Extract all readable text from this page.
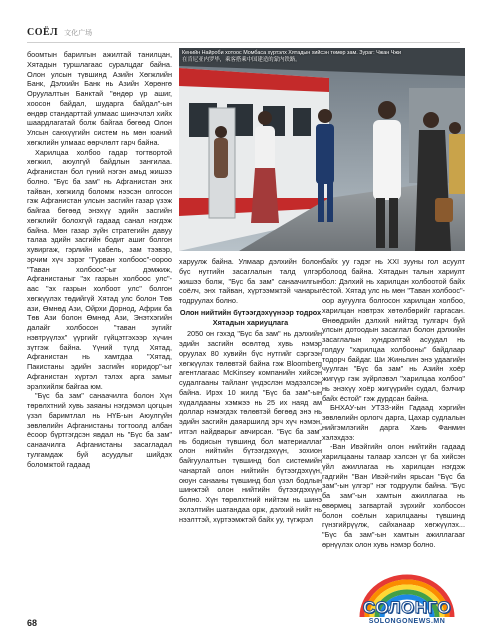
СОЁЛ 文化广场

боомтын барилгын ажилтай танилцан, Хятадын туршлагаас суралцдаг байна. Олон улсын түвшинд Азийн Хөгжлийн Банк, Дэлхийн Банк нь Азийн Хөрөнгө Оруулалтын Банктай "өндөр үр ашиг, хоосон байдал, шударга байдал"-ын өндөр стандарттай улмаас шинэчлэл хийх шаардлагатай болж байгаа бөгөөд Олон Улсын санхүүгийн систем нь мөн юаний хөгжлийн улмаас өөрчлөлт гарч байна.

Харилцаа холбоо гадар тогтвортой хөгжил, аюулгүй байдлын зангилаа. Афганистан бол гүний нэгэн амьд жишээ болно. "Бүс ба зам" нь Афганистан энх тайван, хөгжилд боломж нээсэн олгосон гэж Афганистан улсын засгийн газар үзэж байгаа бөгөөд энэхүү эдийн засгийн хөгжлийг болохгүй гадаад санал нэгдэж байна. Мөн газар зүйн стратегийн давуу талаа эдийн засгийн бодит ашиг болгон хувиргаж, гэрлийн кабель, зам тээвэр, эрчим хүч зэрэг "Гурван холбоос"-оороо "Таван холбоос"-ыг дэмжиж, Афганистаныг "эх газрын холбоос улс"-аас "эх газрын холбоот улс" болгон хөгжүүлэх төдийгүй Хятад улс болон Төв ази, Өмнөд Ази, Ойрхи Дорнод, Африк ба Төв Ази болон Өмнөд Ази, Энэтхэгийн далайг холбосон "таван зүгийг нэвтрүүлэх" үүргийг гүйцэтгэхээр хүчин зүтгэж байна. Үүний түлд Хятад, Афганистан нь хамтдаа "Хятад, Пакистаны эдийн засгийн коридор"-ыг Афганистан хүртэл тэлэх арга замыг эрэлхийлж байгаа юм.

"Бүс ба зам" санаачилга болон Хүн төрөлхтний хувь заяаны нэгдэмэл цогцын үзэл баримтлал нь НҮБ-ын Аюулгүйн зөвлөлийн Афганистаны тогтоолд албан ёсоор бүртгэгдсэн явдал нь "Бүс ба зам" санаачилга Афганистаны засагладал тулгамдаж буй асуудлыг шийдэх боломжтой гадаад

Кенийн Найроби хотоос Момбаса хүртэлх Хятадын хийсэн төмөр зам. Зураг: Чжан Чжи
在肯尼亚内罗毕，乘客搭乘中国建造的蒙内铁路。

харуулж байна. Улмаар дэлхийн болон бүс нутгийн засаглалын талд үлгэр жишээ болж, "Бүс ба зам" санаачилгын соёлч, энх тайван, хүртээмжтэй чанарыг тодруулах болно.

Олон нийтийн бүтээгдэхүүнээр тодрох Хятадын хариуцлага

2050 он гэхэд "Бүс ба зам" нь дэлхийн эдийн засгийн өсөлтөд хувь нэмэр оруулах 80 хувийн бүс нутгийг сэргээн хөгжүүлэх төлөвтэй байна гэж Bloomberg агентлагаас McKinsey компанийн хийсэн судалгааны тайланг үндэслэн мэдээлсэн байна. Ирэх 10 жилд "Бүс ба зам"-ын хүдалдааны хэмжээ нь 25 их наяд ам доллар нэмэгдэх төлөвтэй бөгөөд энэ нь эдийн засгийн даяаршилд эрч хүч нэмэн, итгэл найдварыг авчирсан. "Бүс ба зам" нь бодисын түвшинд бол материаллаг олон нийтийн бүтээгдэхүүн, зохион байгуулалтын түвшинд бол системийн чанартай олон нийтийн бүтээгдэхүүн, оюун санааны түвшинд бол үзэл бодлын шинжтэй олон нийтийн бүтээгдэхүүн болно. Хүн төрөлхтний нийтэм нь шинэ эхлэлтийн шатандаа орж, дэлхий нийт нь нээлттэй, хүртээмжтэй байх уу, түгжрэл

байх уу гэдэг нь XXI зууны гол асуулт болоод байна. Хятадын талын хариулт бол: Дэлхий нь харилцан холбоотой байх ёстой. Хятад улс нь мөн "Таван холбоос"-оор аугуулга болгосон харилцан холбоо, харилцан нэвтрэх хөтөлбөрийг гаргасан. Өнөөдрийн дэлхий нийтэд тулгарч буй улсын дотоодын засаглал болон дэлхийн засаглалын хундрэлтэй асуудал нь голдуу "харилцаа холбооны" байдлаар тодорч байдаг. Ши Жиньпин энэ удаагийн чуулган "Бүс ба зам" нь Азийн хоёр жигүүр гэж зүйрлэвэл "харилцаа холбоо" нь энэхүү хоёр жигүүрийн судал, бэлчир байх ёстой" гэж дурдсан байна.

БНХАУ-ын УТЗЗ-ийн Гадаад хэргийн зөвлөлийн орлогч дарга, Цахар судлалын нийгэмлэгийн дарга Хань Фанмин хэлэхдээ:

-Ван Ивэйгийн олон нийтийн гадаад харилцааны талаар хэлсэн үг ба хийсэн үйл ажиллагаа нь харилцан нэгдэж гадгийн "Ван Ивэй-гийн ярьсан "Бүс ба зам"-ын үлгэр" нэг тодруулж байна. "Бүс ба зам"-ын хамтын ажиллагаа нь өвөрмөц загвартай зүрхийг холбосон болон соёлын харилцааны түвшинд гүнзгийрүүлж, сайханаар хөгжүүлэх... "Бүс ба зам"-ын хамтын ажиллагааг өрнүүлэх олон хувь нэмэр болно.

68
СОЛОНГО
SOLONGONEWS.MN
